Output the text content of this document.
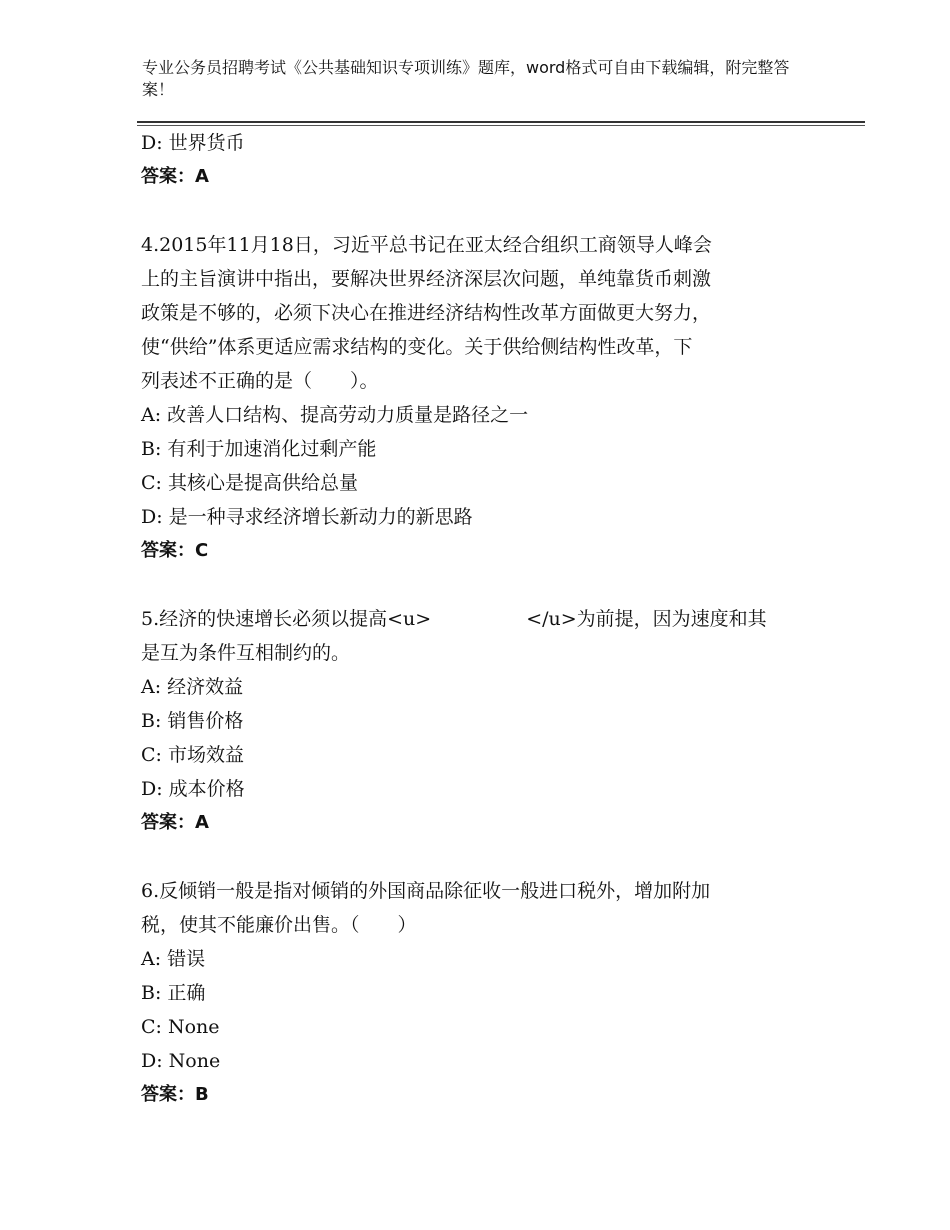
专业公务员招聘考试《公共基础知识专项训练》题库，word格式可自由下载编辑，附完整答案！
D: 世界货币
答案：A
4.2015年11月18日，习近平总书记在亚太经合组织工商领导人峰会
上的主旨演讲中指出，要解决世界经济深层次问题，单纯靠货币刺激
政策是不够的，必须下决心在推进经济结构性改革方面做更大努力，
使“供给”体系更适应需求结构的变化。关于供给侧结构性改革，下
列表述不正确的是（　　）。
A: 改善人口结构、提高劳动力质量是路径之一
B: 有利于加速消化过剩产能
C: 其核心是提高供给总量
D: 是一种寻求经济增长新动力的新思路
答案：C
5.经济的快速增长必须以提高<u>　　　　　</u>为前提，因为速度和其
是互为条件互相制约的。
A: 经济效益
B: 销售价格
C: 市场效益
D: 成本价格
答案：A
6.反倾销一般是指对倾销的外国商品除征收一般进口税外，增加附加
税，使其不能廉价出售。（　　）
A: 错误
B: 正确
C: None
D: None
答案：B
